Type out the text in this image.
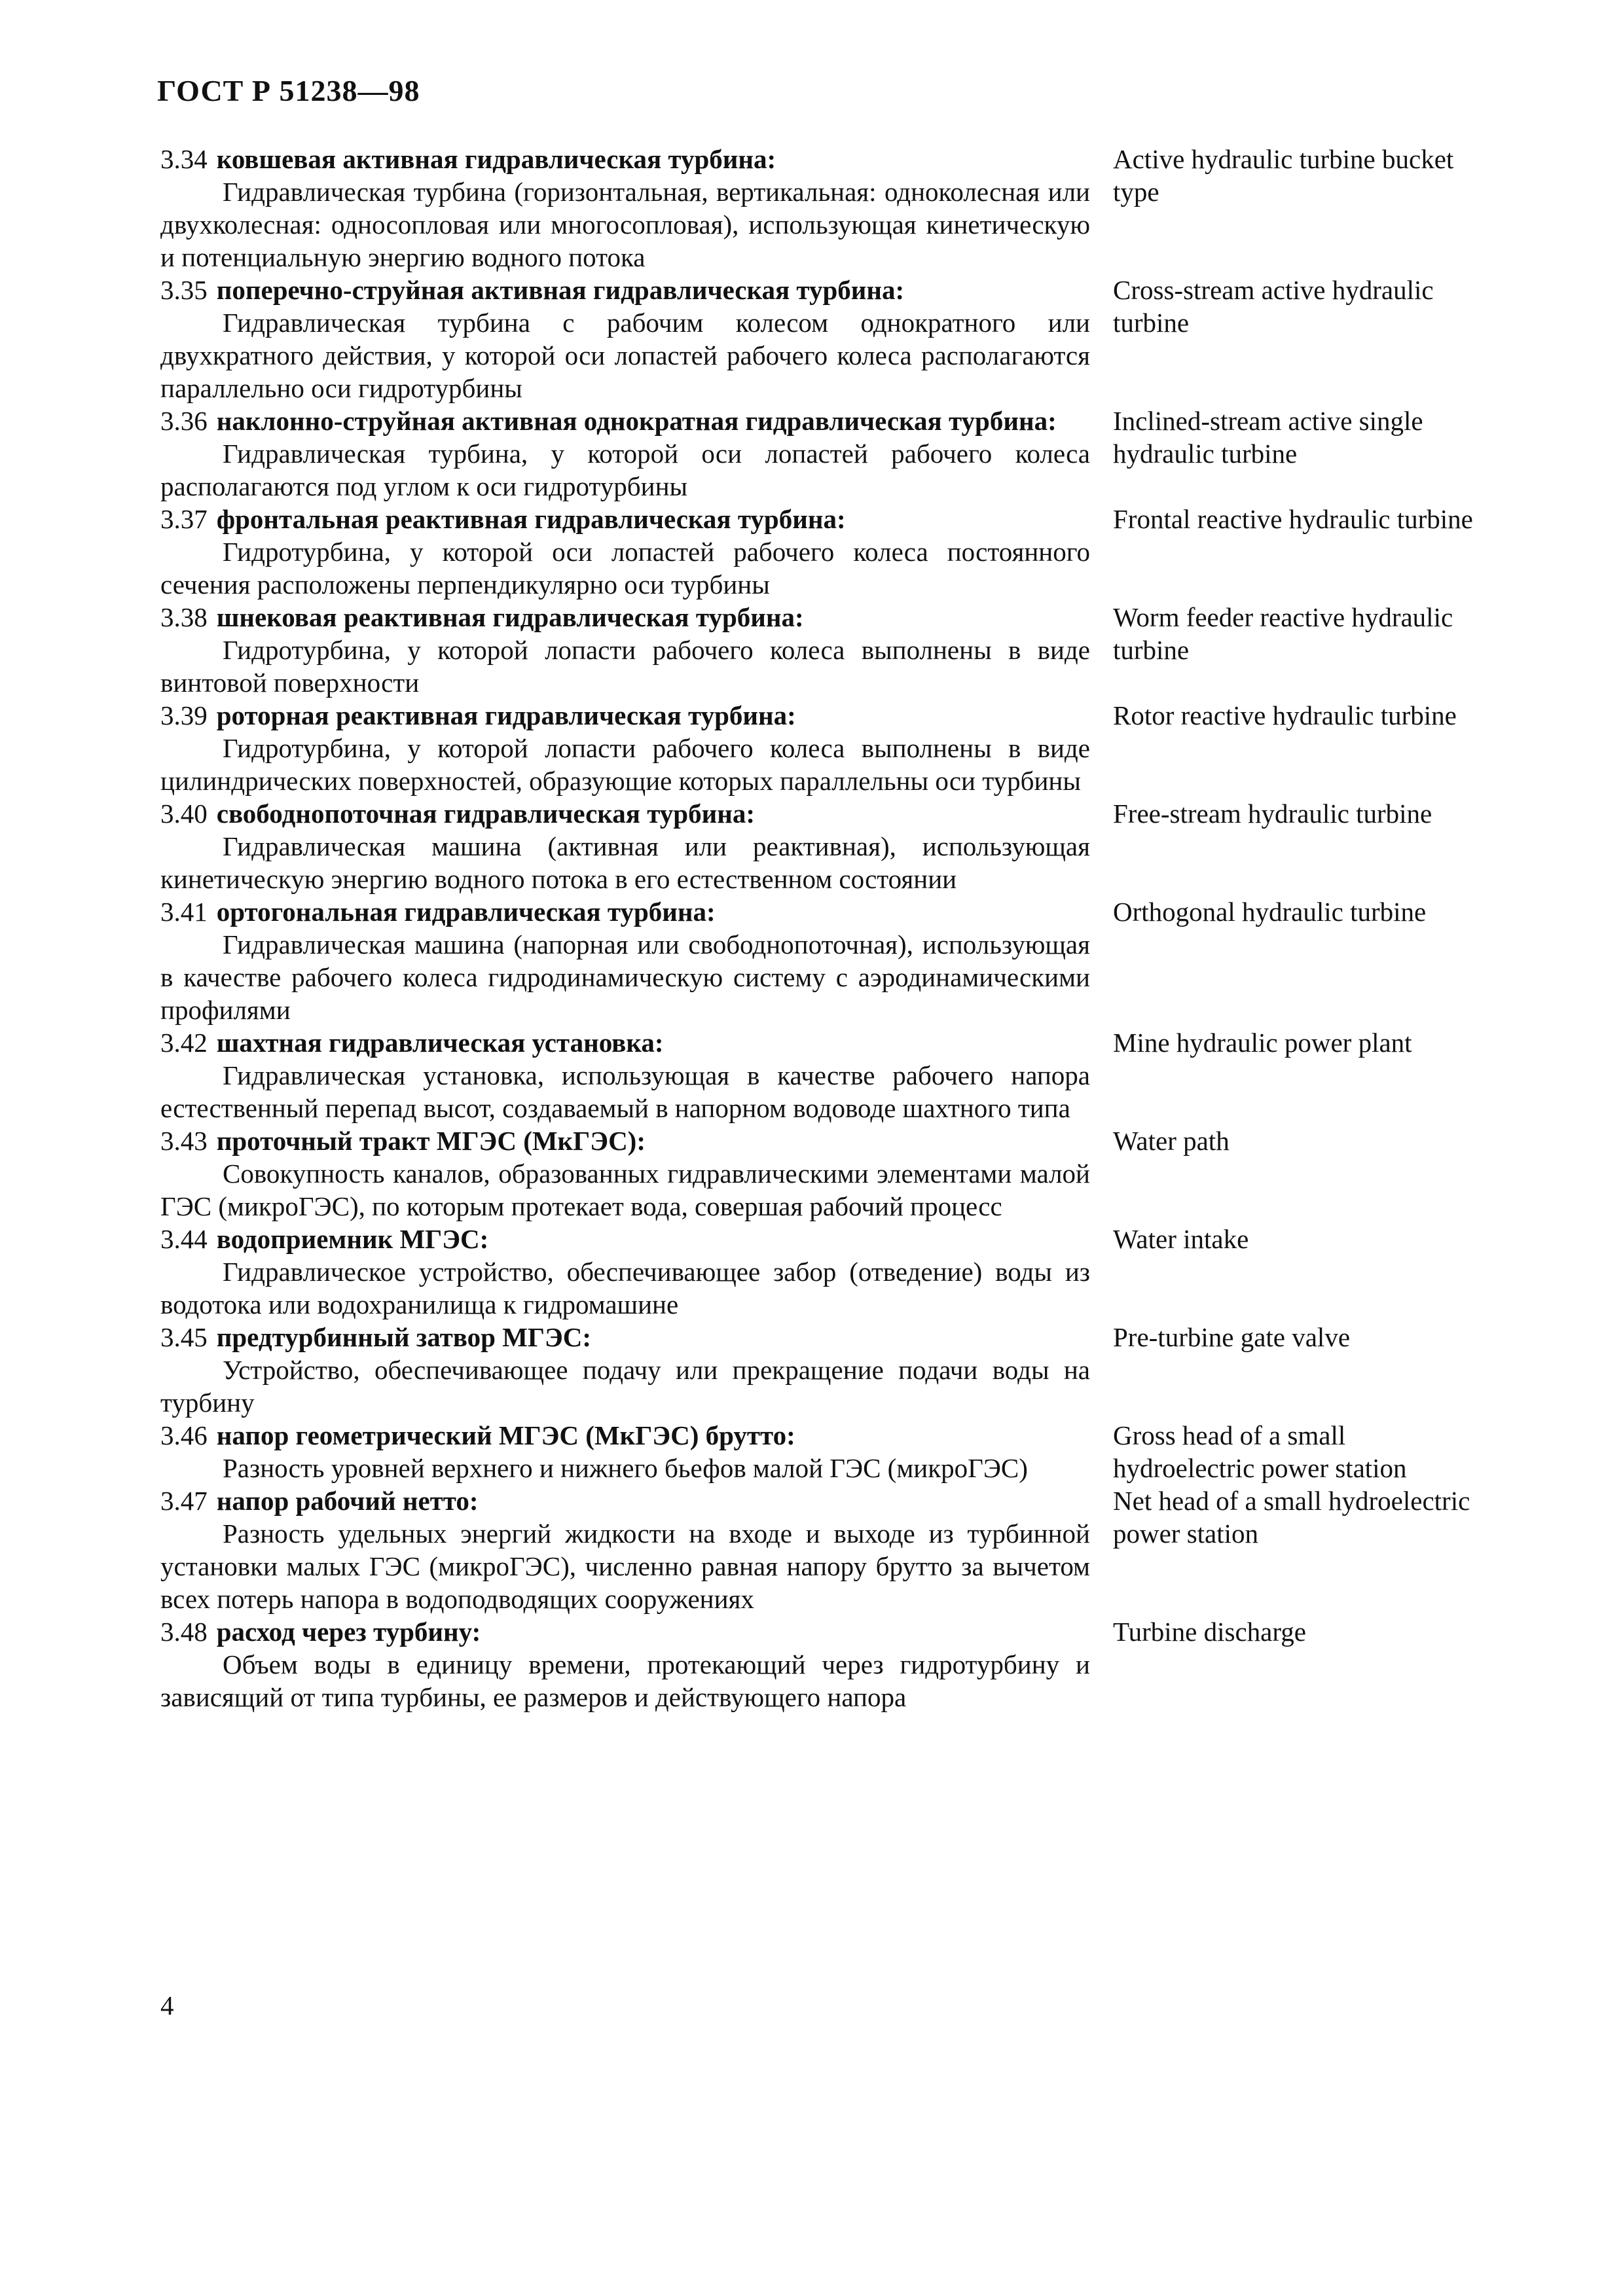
ГОСТ Р 51238—98
3.34 ковшевая активная гидравлическая турбина:
Гидравлическая турбина (горизонтальная, вертикальная: одноколесная или двухколесная: односопловая или многосопловая), использующая кинетическую и потенциальную энергию водного потока
Active hydraulic turbine bucket type
3.35 поперечно-струйная активная гидравлическая турбина:
Гидравлическая турбина с рабочим колесом однократного или двухкратного действия, у которой оси лопастей рабочего колеса располагаются параллельно оси гидротурбины
Cross-stream active hydraulic turbine
3.36 наклонно-струйная активная однократная гидравлическая турбина:
Гидравлическая турбина, у которой оси лопастей рабочего колеса располагаются под углом к оси гидротурбины
Inclined-stream active single hydraulic turbine
3.37 фронтальная реактивная гидравлическая турбина:
Гидротурбина, у которой оси лопастей рабочего колеса постоянного сечения расположены перпендикулярно оси турбины
Frontal reactive hydraulic turbine
3.38 шнековая реактивная гидравлическая турбина:
Гидротурбина, у которой лопасти рабочего колеса выполнены в виде винтовой поверхности
Worm feeder reactive hydraulic turbine
3.39 роторная реактивная гидравлическая турбина:
Гидротурбина, у которой лопасти рабочего колеса выполнены в виде цилиндрических поверхностей, образующие которых параллельны оси турбины
Rotor reactive hydraulic turbine
3.40 свободнопоточная гидравлическая турбина:
Гидравлическая машина (активная или реактивная), использующая кинетическую энергию водного потока в его естественном состоянии
Free-stream hydraulic turbine
3.41 ортогональная гидравлическая турбина:
Гидравлическая машина (напорная или свободнопоточная), использующая в качестве рабочего колеса гидродинамическую систему с аэродинамическими профилями
Orthogonal hydraulic turbine
3.42 шахтная гидравлическая установка:
Гидравлическая установка, использующая в качестве рабочего напора естественный перепад высот, создаваемый в напорном водоводе шахтного типа
Mine hydraulic power plant
3.43 проточный тракт МГЭС (МкГЭС):
Совокупность каналов, образованных гидравлическими элементами малой ГЭС (микроГЭС), по которым протекает вода, совершая рабочий процесс
Water path
3.44 водоприемник МГЭС:
Гидравлическое устройство, обеспечивающее забор (отведение) воды из водотока или водохранилища к гидромашине
Water intake
3.45 предтурбинный затвор МГЭС:
Устройство, обеспечивающее подачу или прекращение подачи воды на турбину
Pre-turbine gate valve
3.46 напор геометрический МГЭС (МкГЭС) брутто:
Разность уровней верхнего и нижнего бьефов малой ГЭС (микроГЭС)
Gross head of a small hydroelectric power station
3.47 напор рабочий нетто:
Разность удельных энергий жидкости на входе и выходе из турбинной установки малых ГЭС (микроГЭС), численно равная напору брутто за вычетом всех потерь напора в водоподводящих сооружениях
Net head of a small hydroelectric power station
3.48 расход через турбину:
Объем воды в единицу времени, протекающий через гидротурбину и зависящий от типа турбины, ее размеров и действующего напора
Turbine discharge
4
